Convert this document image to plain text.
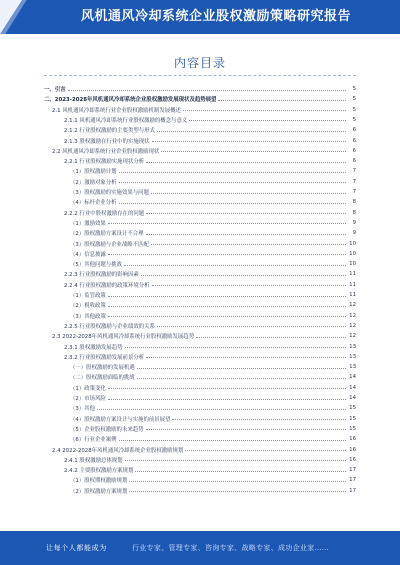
风机通风冷却系统企业股权激励策略研究报告
内容目录
一、引言	5
二、2023-2028年风机通风冷却系统企业股权激励发展现状及趋势展望	5
2.1 风机通风冷却系统行业企业股权激励机制发展概述	5
2.1.1 风机通风冷却系统行业股权激励的概念与意义	5
2.1.2 行业股权激励的主要类型与形式	6
2.1.3 股权激励在行业中的实施现状	6
2.2 风机通风冷却系统行业企业股权激励现状	6
2.2.1 行业股权激励实施现状分析	6
（1）股权激励计划	7
（2）激励对象分析	7
（3）股权激励的实施效果与问题	7
（4）标杆企业分析	8
2.2.2 行业中股权激励存在的问题	8
（1）激励效果	9
（2）股权激励方案设计不合理	9
（3）股权激励与企业战略不匹配	10
（4）信息披露	10
（5）其他问题与挑战	10
2.2.3 行业股权激励的影响因素	11
2.2.4 行业股权激励的政策环境分析	11
（1）监管政策	11
（2）税收政策	12
（3）其他政策	12
2.2.5 行业股权激励与企业绩效的关系	12
2.3 2022-2028年风机通风冷却系统行业股权激励发展趋势	12
2.3.1 股权激励发展趋势	13
2.3.2 行业股权激励发展前景分析	13
（一）股权激励的发展机遇	13
（二）股权激励面临的挑战	14
（1）政策变化	14
（2）市场风险	14
（3）其他	15
（4）股权激励方案设计与实施的前景展望	15
（5）企业股权激励的未来趋势	15
（6）行业企业案例	16
2.4 2022-2028年风机通风冷却系统企业股权激励规划	16
2.4.1 股权激励总体规划	16
2.4.2 主要股权激励方案规划	17
（1）股权期权激励规划	17
（2）股权激励方案规划	17
让每个人都能成为	行业专家、管理专家、咨询专家、战略专家、成功企业家……
